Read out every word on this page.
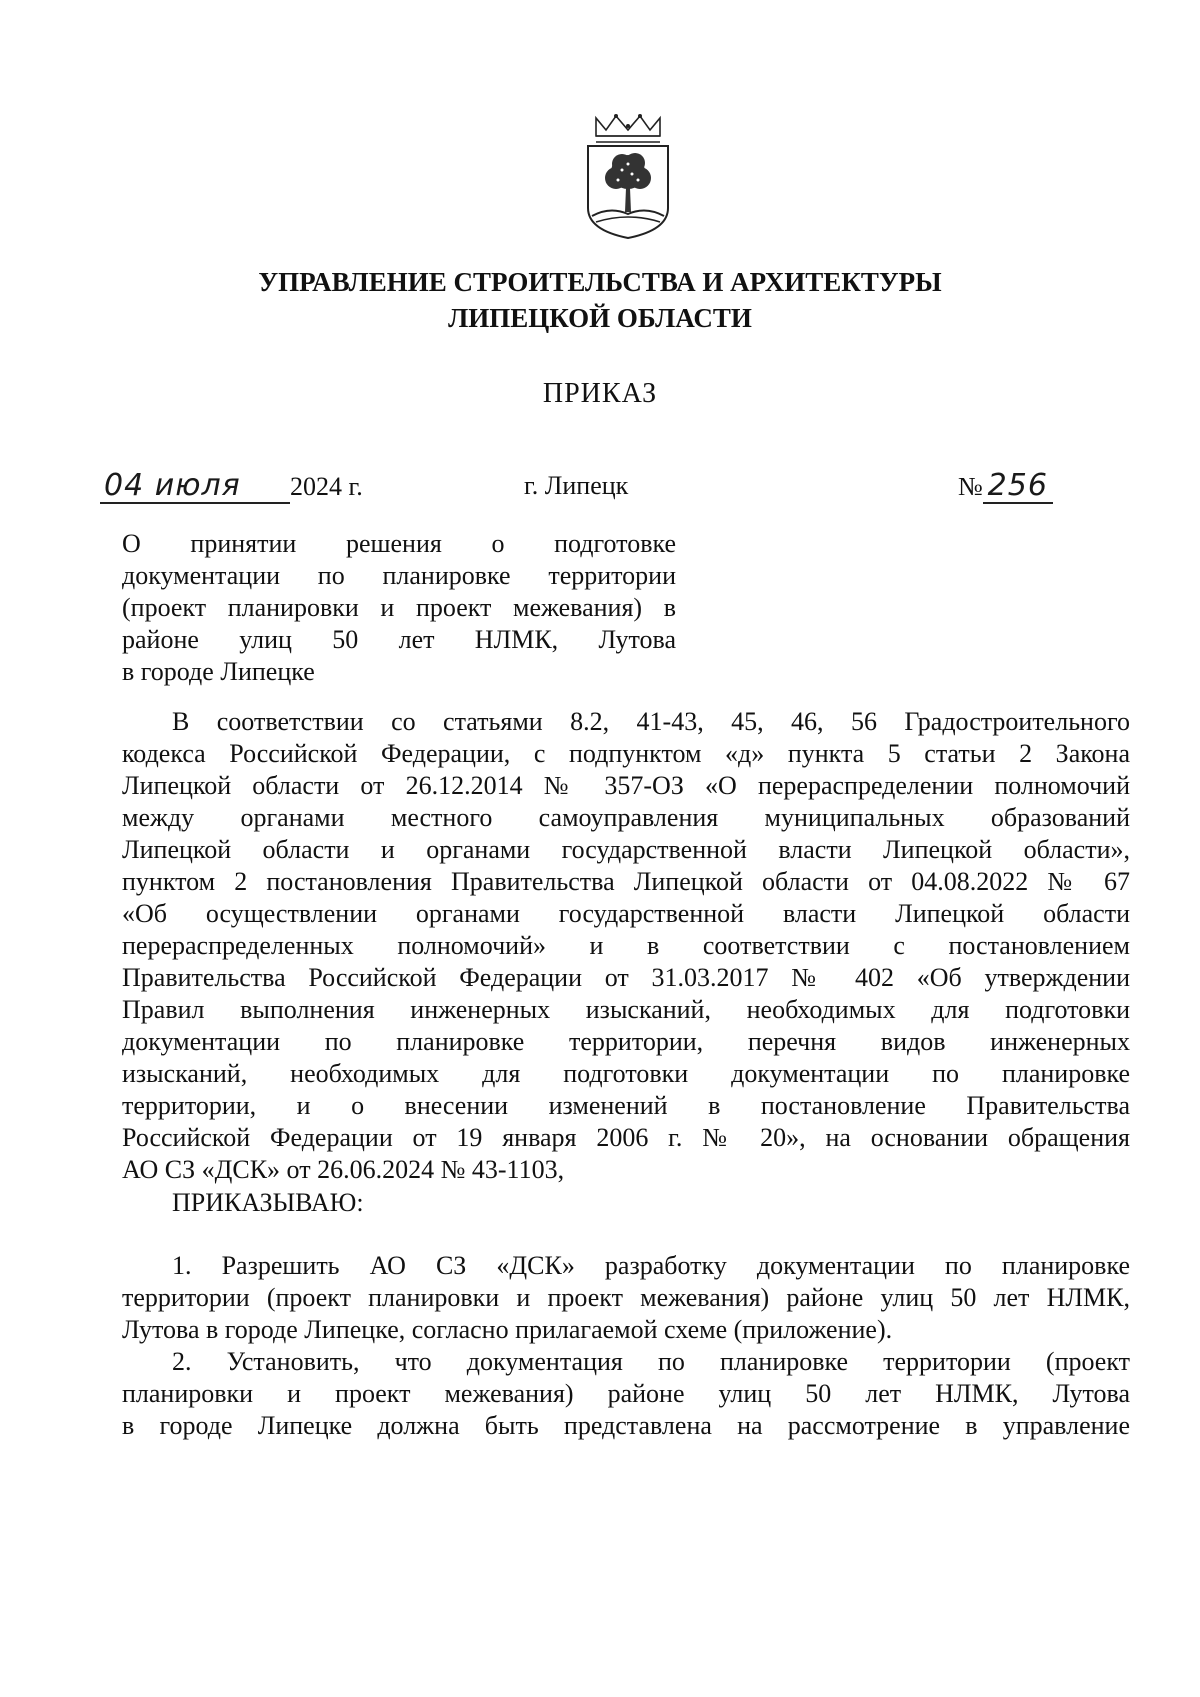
УПРАВЛЕНИЕ СТРОИТЕЛЬСТВА И АРХИТЕКТУРЫ
ЛИПЕЦКОЙ ОБЛАСТИ
ПРИКАЗ
04 июля 2024 г.	г. Липецк	№ 256
О принятии решения о подготовке
документации по планировке территории
(проект планировки и проект межевания) в
районе улиц 50 лет НЛМК, Лутова
в городе Липецке
В соответствии со статьями 8.2, 41-43, 45, 46, 56 Градостроительного
кодекса Российской Федерации, с подпунктом «д» пункта 5 статьи 2 Закона
Липецкой области от 26.12.2014 № 357-ОЗ «О перераспределении полномочий
между органами местного самоуправления муниципальных образований
Липецкой области и органами государственной власти Липецкой области»,
пунктом 2 постановления Правительства Липецкой области от 04.08.2022 № 67
«Об осуществлении органами государственной власти Липецкой области
перераспределенных полномочий» и в соответствии с постановлением
Правительства Российской Федерации от 31.03.2017 № 402 «Об утверждении
Правил выполнения инженерных изысканий, необходимых для подготовки
документации по планировке территории, перечня видов инженерных
изысканий, необходимых для подготовки документации по планировке
территории, и о внесении изменений в постановление Правительства
Российской Федерации от 19 января 2006 г. № 20», на основании обращения
АО СЗ «ДСК» от 26.06.2024 № 43-1103,
ПРИКАЗЫВАЮ:
1. Разрешить АО СЗ «ДСК» разработку документации по планировке
территории (проект планировки и проект межевания) районе улиц 50 лет НЛМК,
Лутова в городе Липецке, согласно прилагаемой схеме (приложение).
2. Установить, что документация по планировке территории (проект
планировки и проект межевания) районе улиц 50 лет НЛМК, Лутова
в городе Липецке должна быть представлена на рассмотрение в управление
